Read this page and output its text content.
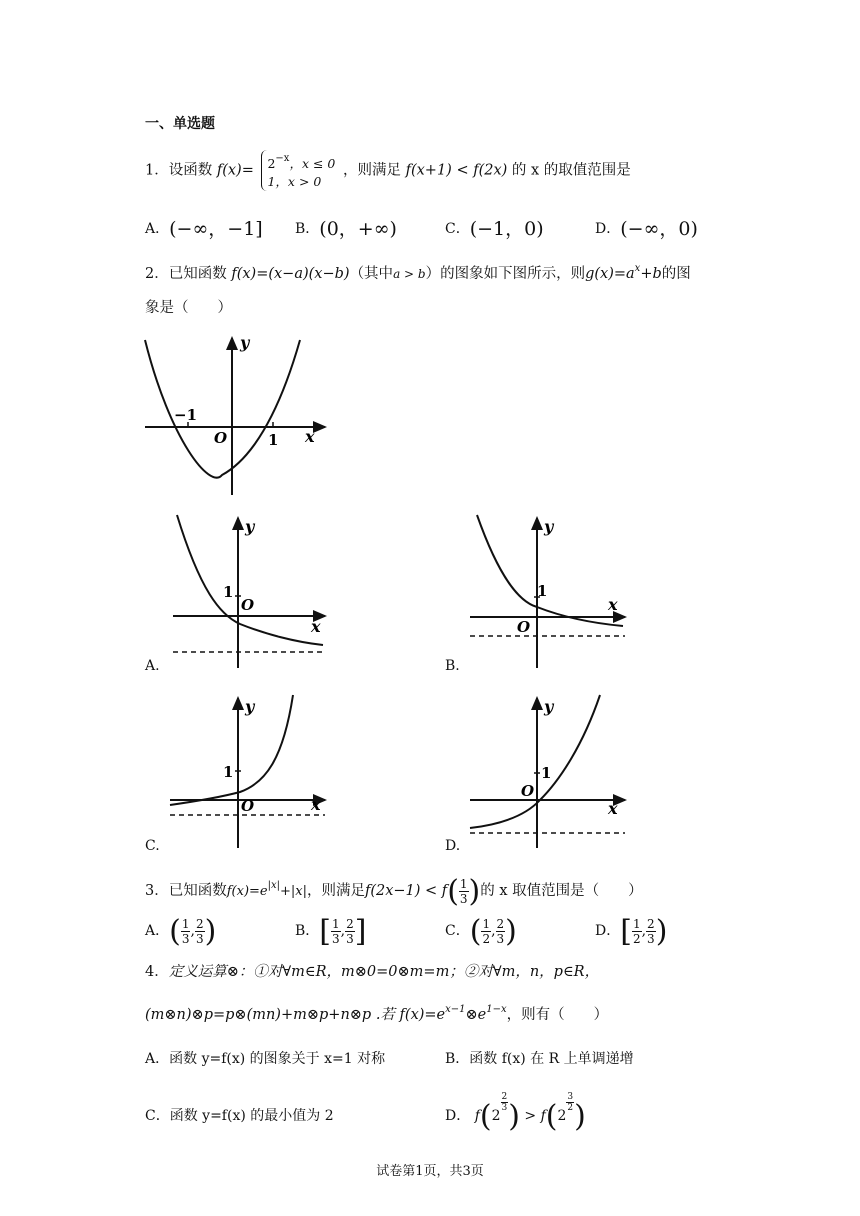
一、单选题
1．设函数 $f(x)= 2^{-x}$，x ≤ 0
1，x > 0
，则满足 f(x+1) < f(2x) 的 x 的取值范围是
A．(−∞，−1] B．(0，+∞)	C．(−1，0)	D．(−∞，0)
2．已知函数 f(x)=(x−a)(x−b)（其中a > b）的图象如下图所示，则$g(x)=a^x+b$的图
象是（　　）
y
x
O
−1
1
y
x
O
1
A.
y
x
O
1
B.
y
x
O
1
C.
y
x
O
1
D.
3．已知函数$f(x)=e^{|x|}+|x|$，则满足$f(2x-1) < f( \frac{1}{3}$ )的 x 取值范围是（　　）
A．( $\frac{1}{3}$ , $\frac{2}{3}$ )	B．[ $\frac{1}{3}$ , $\frac{2}{3}$ ]	C．( $\frac{1}{2}$ , $\frac{2}{3}$ )	D．[ $\frac{1}{2}$ , $\frac{2}{3}$ )
4．定义运算⊗：①对∀m∈R，m⊗0=0⊗m=m；②对∀m，n，p∈R，
(m⊗n)⊗p=p⊗(mn)+m⊗p+n⊗p .若 $f(x)=e^{x-1}\otimes e^{1-x}$，则有（　　）
A．函数 y=f(x) 的图象关于 x=1 对称	B．函数 f(x) 在 R 上单调递增
C．函数 y=f(x) 的最小值为 2	D． f(2
$\frac{2}{3}$ ) > f(2
$\frac{3}{2}$ )
试卷第1页，共3页
